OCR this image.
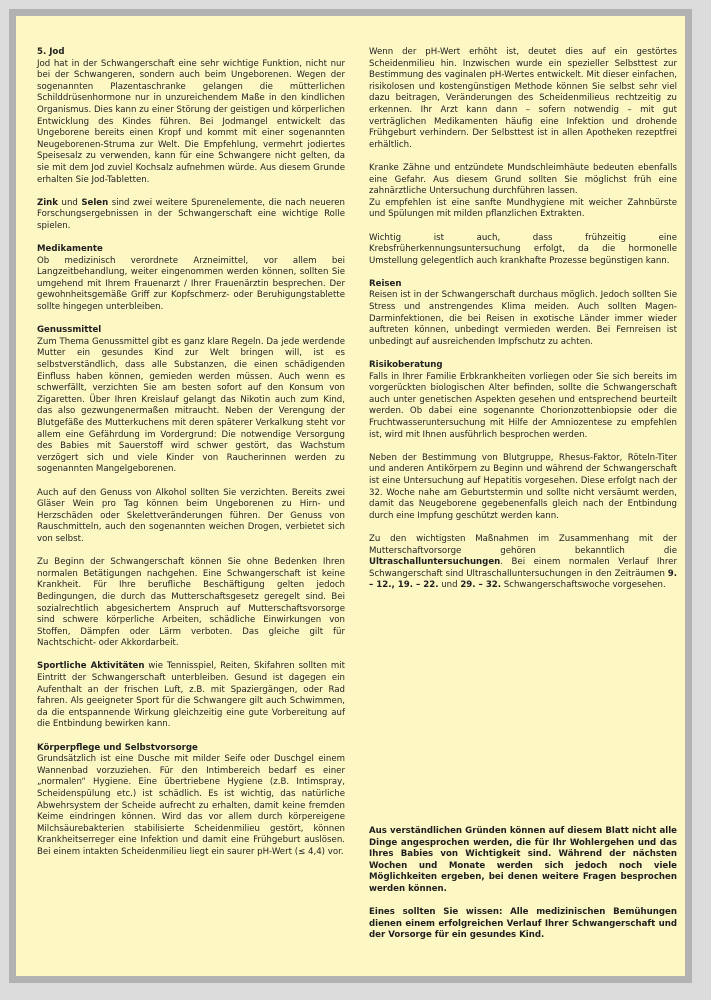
5. Jod

Jod hat in der Schwangerschaft eine sehr wichtige Funktion, nicht nur bei der Schwangeren, sondern auch beim Ungeborenen. Wegen der sogenannten Plazentaschranke gelangen die mütterlichen Schilddrüsenhormone nur in unzureichendem Maße in den kindlichen Organismus. Dies kann zu einer Störung der geistigen und körperlichen Entwicklung des Kindes führen. Bei Jodmangel entwickelt das Ungeborene bereits einen Kropf und kommt mit einer sogenannten Neugeborenen-Struma zur Welt. Die Empfehlung, vermehrt jodiertes Speisesalz zu verwenden, kann für eine Schwangere nicht gelten, da sie mit dem Jod zuviel Kochsalz aufnehmen würde. Aus diesem Grunde erhalten Sie Jod-Tabletten.

Zink und Selen sind zwei weitere Spurenelemente, die nach neueren Forschungsergebnissen in der Schwangerschaft eine wichtige Rolle spielen.

Medikamente

Ob medizinisch verordnete Arzneimittel, vor allem bei Langzeitbehandlung, weiter eingenommen werden können, sollten Sie umgehend mit Ihrem Frauenarzt / Ihrer Frauenärztin besprechen. Der gewohnheitsgemäße Griff zur Kopfschmerz- oder Beruhigungstablette sollte hingegen unterbleiben.

Genussmittel

Zum Thema Genussmittel gibt es ganz klare Regeln. Da jede werdende Mutter ein gesundes Kind zur Welt bringen will, ist es selbstverständlich, dass alle Substanzen, die einen schädigenden Einfluss haben können, gemieden werden müssen. Auch wenn es schwerfällt, verzichten Sie am besten sofort auf den Konsum von Zigaretten. Über Ihren Kreislauf gelangt das Nikotin auch zum Kind, das also gezwungenermaßen mitraucht. Neben der Verengung der Blutgefäße des Mutterkuchens mit deren späterer Verkalkung steht vor allem eine Gefährdung im Vordergrund: Die notwendige Versorgung des Babies mit Sauerstoff wird schwer gestört, das Wachstum verzögert sich und viele Kinder von Raucherinnen werden zu sogenannten Mangelgeborenen.

Auch auf den Genuss von Alkohol sollten Sie verzichten. Bereits zwei Gläser Wein pro Tag können beim Ungeborenen zu Hirn- und Herzschäden oder Skelettveränderungen führen. Der Genuss von Rauschmitteln, auch den sogenannten weichen Drogen, verbietet sich von selbst.

Zu Beginn der Schwangerschaft können Sie ohne Bedenken Ihren normalen Betätigungen nachgehen. Eine Schwangerschaft ist keine Krankheit. Für Ihre berufliche Beschäftigung gelten jedoch Bedingungen, die durch das Mutterschaftsgesetz geregelt sind. Bei sozialrechtlich abgesichertem Anspruch auf Mutterschaftsvorsorge sind schwere körperliche Arbeiten, schädliche Einwirkungen von Stoffen, Dämpfen oder Lärm verboten. Das gleiche gilt für Nachtschicht- oder Akkordarbeit.

Sportliche Aktivitäten wie Tennisspiel, Reiten, Skifahren sollten mit Eintritt der Schwangerschaft unterbleiben. Gesund ist dagegen ein Aufenthalt an der frischen Luft, z.B. mit Spaziergängen, oder Rad fahren. Als geeigneter Sport für die Schwangere gilt auch Schwimmen, da die entspannende Wirkung gleichzeitig eine gute Vorbereitung auf die Entbindung bewirken kann.

Körperpflege und Selbstvorsorge

Grundsätzlich ist eine Dusche mit milder Seife oder Duschgel einem Wannenbad vorzuziehen. Für den Intimbereich bedarf es einer „normalen“ Hygiene. Eine übertriebene Hygiene (z.B. Intimspray, Scheidenspülung etc.) ist schädlich. Es ist wichtig, das natürliche Abwehrsystem der Scheide aufrecht zu erhalten, damit keine fremden Keime eindringen können. Wird das vor allem durch körpereigene Milchsäurebakterien stabilisierte Scheidenmilieu gestört, können Krankheitserreger eine Infektion und damit eine Frühgeburt auslösen. Bei einem intakten Scheidenmilieu liegt ein saurer pH-Wert (≤ 4,4) vor.

Wenn der pH-Wert erhöht ist, deutet dies auf ein gestörtes Scheidenmilieu hin. Inzwischen wurde ein spezieller Selbsttest zur Bestimmung des vaginalen pH-Wertes entwickelt. Mit dieser einfachen, risikolosen und kostengünstigen Methode können Sie selbst sehr viel dazu beitragen, Veränderungen des Scheidenmilieus rechtzeitig zu erkennen. Ihr Arzt kann dann – sofern notwendig – mit gut verträglichen Medikamenten häufig eine Infektion und drohende Frühgeburt verhindern. Der Selbsttest ist in allen Apotheken rezeptfrei erhältlich.

Kranke Zähne und entzündete Mundschleimhäute bedeuten ebenfalls eine Gefahr. Aus diesem Grund sollten Sie möglichst früh eine zahnärztliche Untersuchung durchführen lassen.

Zu empfehlen ist eine sanfte Mundhygiene mit weicher Zahnbürste und Spülungen mit milden pflanzlichen Extrakten.

Wichtig ist auch, dass frühzeitig eine Krebsfrüherkennungsuntersuchung erfolgt, da die hormonelle Umstellung gelegentlich auch krankhafte Prozesse begünstigen kann.

Reisen

Reisen ist in der Schwangerschaft durchaus möglich. Jedoch sollten Sie Stress und anstrengendes Klima meiden. Auch sollten Magen-Darminfektionen, die bei Reisen in exotische Länder immer wieder auftreten können, unbedingt vermieden werden. Bei Fernreisen ist unbedingt auf ausreichenden Impfschutz zu achten.

Risikoberatung

Falls in Ihrer Familie Erbkrankheiten vorliegen oder Sie sich bereits im vorgerückten biologischen Alter befinden, sollte die Schwangerschaft auch unter genetischen Aspekten gesehen und entsprechend beurteilt werden. Ob dabei eine sogenannte Chorionzottenbiopsie oder die Fruchtwasseruntersuchung mit Hilfe der Amniozentese zu empfehlen ist, wird mit Ihnen ausführlich besprochen werden.

Neben der Bestimmung von Blutgruppe, Rhesus-Faktor, Röteln-Titer und anderen Antikörpern zu Beginn und während der Schwangerschaft ist eine Untersuchung auf Hepatitis vorgesehen. Diese erfolgt nach der 32. Woche nahe am Geburtstermin und sollte nicht versäumt werden, damit das Neugeborene gegebenenfalls gleich nach der Entbindung durch eine Impfung geschützt werden kann.

Zu den wichtigsten Maßnahmen im Zusammenhang mit der Mutterschaftvorsorge gehören bekanntlich die Ultraschalluntersuchungen. Bei einem normalen Verlauf Ihrer Schwangerschaft sind Ultraschalluntersuchungen in den Zeiträumen 9. – 12., 19. – 22. und 29. – 32. Schwangerschaftswoche vorgesehen.

Aus verständlichen Gründen können auf diesem Blatt nicht alle Dinge angesprochen werden, die für Ihr Wohlergehen und das Ihres Babies von Wichtigkeit sind. Während der nächsten Wochen und Monate werden sich jedoch noch viele Möglichkeiten ergeben, bei denen weitere Fragen besprochen werden können.

Eines sollten Sie wissen: Alle medizinischen Bemühungen dienen einem erfolgreichen Verlauf Ihrer Schwangerschaft und der Vorsorge für ein gesundes Kind.
